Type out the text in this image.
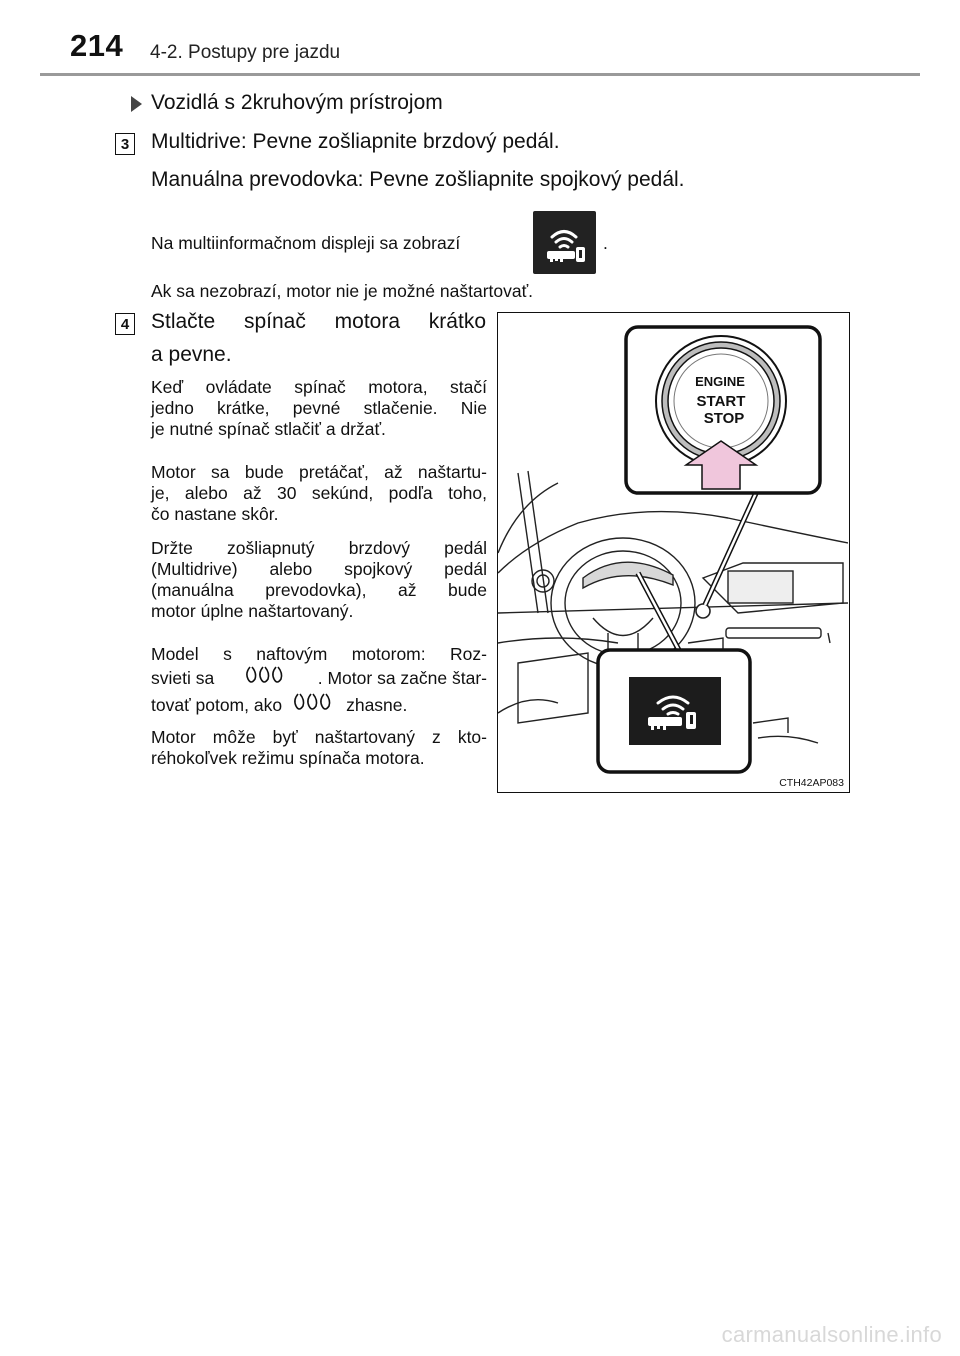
214 4-2. Postupy pre jazdu
Vozidlá s 2kruhovým prístrojom
3 Multidrive: Pevne zošliapnite brzdový pedál.
Manuálna prevodovka: Pevne zošliapnite spojkový pedál.
Na multiinformačnom displeji sa zobrazí	.
Ak sa nezobrazí, motor nie je možné naštartovať.
4 Stlačte spínač motora krátko
a pevne.
Keď ovládate spínač motora, stačí
jedno krátke, pevné stlačenie. Nie
je nutné spínač stlačiť a držať.
Motor sa bude pretáčať, až naštartu-
je, alebo až 30 sekúnd, podľa toho,
čo nastane skôr.
Držte zošliapnutý brzdový pedál
(Multidrive) alebo spojkový pedál
(manuálna prevodovka), až bude
motor úplne naštartovaný.
Model s naftovým motorom: Roz-
svieti sa	. Motor sa začne štar-
tovať potom, ako	zhasne.
Motor môže byť naštartovaný z kto-
réhokoľvek režimu spínača motora.
ENGINE
START
STOP
CTH42AP083
carmanualsonline.info
